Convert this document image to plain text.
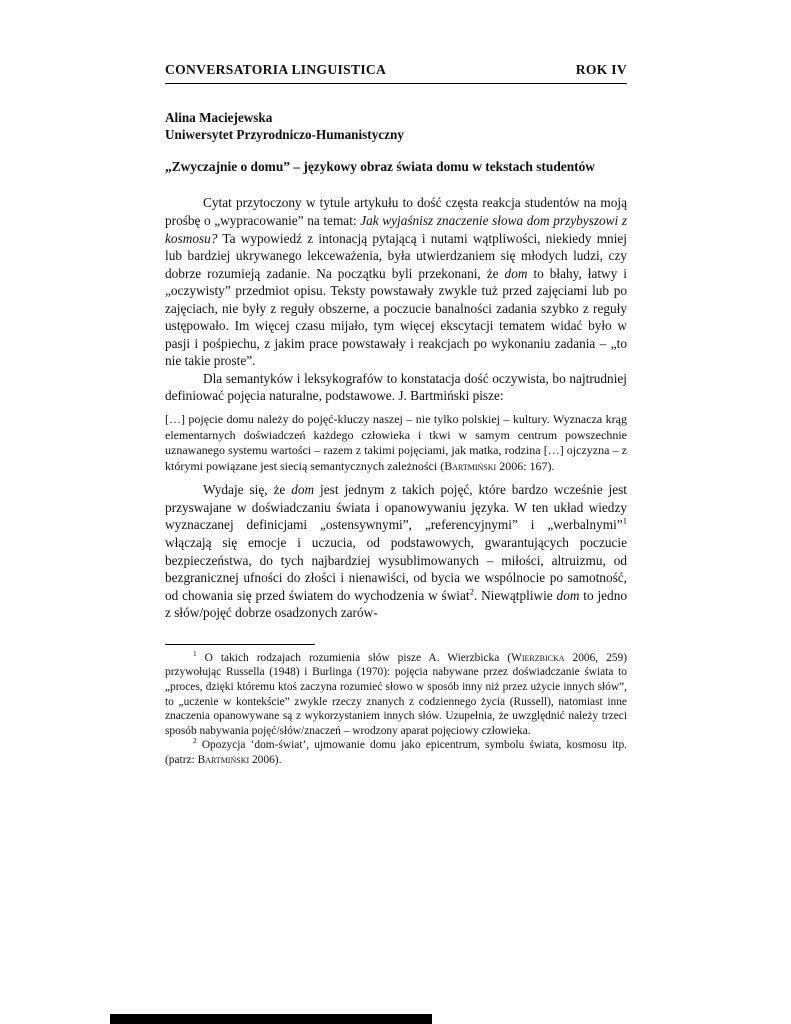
CONVERSATORIA LINGUISTICA	ROK IV
Alina Maciejewska
Uniwersytet Przyrodniczo-Humanistyczny
„Zwyczajnie o domu” – językowy obraz świata domu w tekstach studentów

Cytat przytoczony w tytule artykułu to dość częsta reakcja studentów na moją prośbę o „wypracowanie” na temat: Jak wyjaśnisz znaczenie słowa dom przybyszowi z kosmosu? Ta wypowiedź z intonacją pytającą i nutami wątpliwości, niekiedy mniej lub bardziej ukrywanego lekceważenia, była utwierdzaniem się młodych ludzi, czy dobrze rozumieją zadanie. Na początku byli przekonani, że dom to błahy, łatwy i „oczywisty” przedmiot opisu. Teksty powstawały zwykle tuż przed zajęciami lub po zajęciach, nie były z reguły obszerne, a poczucie banalności zadania szybko z reguły ustępowało. Im więcej czasu mijało, tym więcej ekscytacji tematem widać było w pasji i pośpiechu, z jakim prace powstawały i reakcjach po wykonaniu zadania – „to nie takie proste”.

Dla semantyków i leksykografów to konstatacja dość oczywista, bo najtrudniej definiować pojęcia naturalne, podstawowe. J. Bartmiński pisze:

[…] pojęcie domu należy do pojęć-kluczy naszej – nie tylko polskiej – kultury. Wyznacza krąg elementarnych doświadczeń każdego człowieka i tkwi w samym centrum powszechnie uznawanego systemu wartości – razem z takimi pojęciami, jak matka, rodzina […] ojczyzna – z którymi powiązane jest siecią semantycznych zależności (Bartmiński 2006: 167).

Wydaje się, że dom jest jednym z takich pojęć, które bardzo wcześnie jest przyswajane w doświadczaniu świata i opanowywaniu języka. W ten układ wiedzy wyznaczanej definicjami „ostensywnymi”, „referencyjnymi” i „werbalnymi”$^1$ włączają się emocje i uczucia, od podstawowych, gwarantujących poczucie bezpieczeństwa, do tych najbardziej wysublimowanych – miłości, altruizmu, od bezgranicznej ufności do złości i nienawiści, od bycia we wspólnocie po samotność, od chowania się przed światem do wychodzenia w świat$^2$. Niewątpliwie dom to jedno z słów/pojęć dobrze osadzonych zarów-

$^1$ O takich rodzajach rozumienia słów pisze A. Wierzbicka (Wierzbicka 2006, 259) przywołując Russella (1948) i Burlinga (1970): pojęcia nabywane przez doświadczanie świata to „proces, dzięki któremu ktoś zaczyna rozumieć słowo w sposób inny niż przez użycie innych słów”, to „uczenie w kontekście” zwykle rzeczy znanych z codziennego życia (Russell), natomiast inne znaczenia opanowywane są z wykorzystaniem innych słów. Uzupełnia, że uwzględnić należy trzeci sposób nabywania pojęć/słów/znaczeń – wrodzony aparat pojęciowy człowieka.

$^2$ Opozycja ‘dom-świat’, ujmowanie domu jako epicentrum, symbolu świata, kosmosu itp. (patrz: Bartmiński 2006).
